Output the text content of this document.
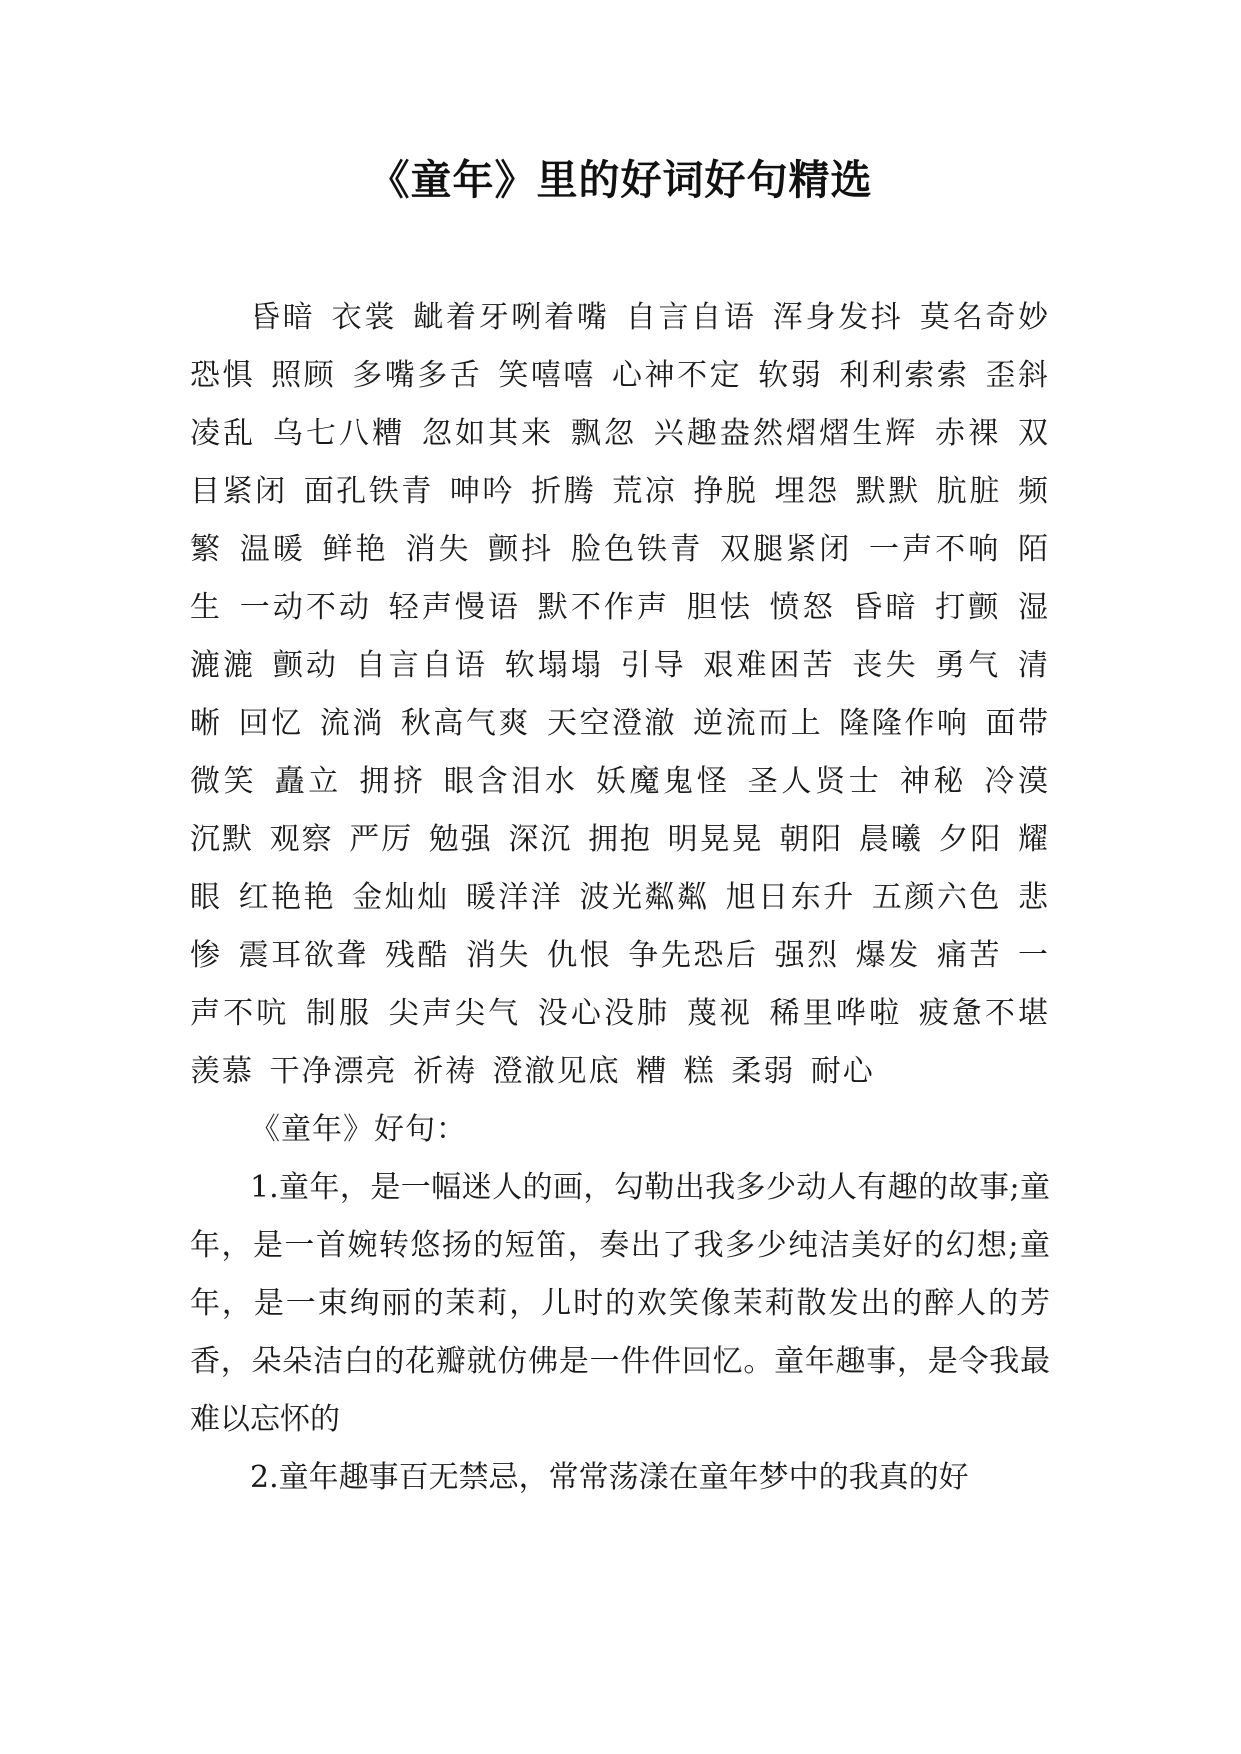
《童年》里的好词好句精选

昏暗 衣裳 龇着牙咧着嘴 自言自语 浑身发抖 莫名奇妙 恐惧 照顾 多嘴多舌 笑嘻嘻 心神不定 软弱 利利索索 歪斜凌乱 乌七八糟 忽如其来 飘忽 兴趣盎然熠熠生辉 赤裸 双目紧闭 面孔铁青 呻吟 折腾 荒凉 挣脱 埋怨 默默 肮脏 频繁 温暖 鲜艳 消失 颤抖 脸色铁青 双腿紧闭 一声不响 陌生 一动不动 轻声慢语 默不作声 胆怯 愤怒 昏暗 打颤 湿漉漉 颤动 自言自语 软塌塌 引导 艰难困苦 丧失 勇气 清晰 回忆 流淌 秋高气爽 天空澄澈 逆流而上 隆隆作响 面带微笑 矗立 拥挤 眼含泪水 妖魔鬼怪 圣人贤士 神秘 冷漠 沉默 观察 严厉 勉强 深沉 拥抱 明晃晃 朝阳 晨曦 夕阳 耀眼 红艳艳 金灿灿 暖洋洋 波光粼粼 旭日东升 五颜六色 悲惨 震耳欲聋 残酷 消失 仇恨 争先恐后 强烈 爆发 痛苦 一声不吭 制服 尖声尖气 没心没肺 蔑视 稀里哗啦 疲惫不堪 羡慕 干净漂亮 祈祷 澄澈见底 糟 糕 柔弱 耐心

《童年》好句：

1.童年，是一幅迷人的画，勾勒出我多少动人有趣的故事;童年，是一首婉转悠扬的短笛，奏出了我多少纯洁美好的幻想;童年，是一束绚丽的茉莉，儿时的欢笑像茉莉散发出的醉人的芳香，朵朵洁白的花瓣就仿佛是一件件回忆。童年趣事，是令我最难以忘怀的

2.童年趣事百无禁忌，常常荡漾在童年梦中的我真的好
